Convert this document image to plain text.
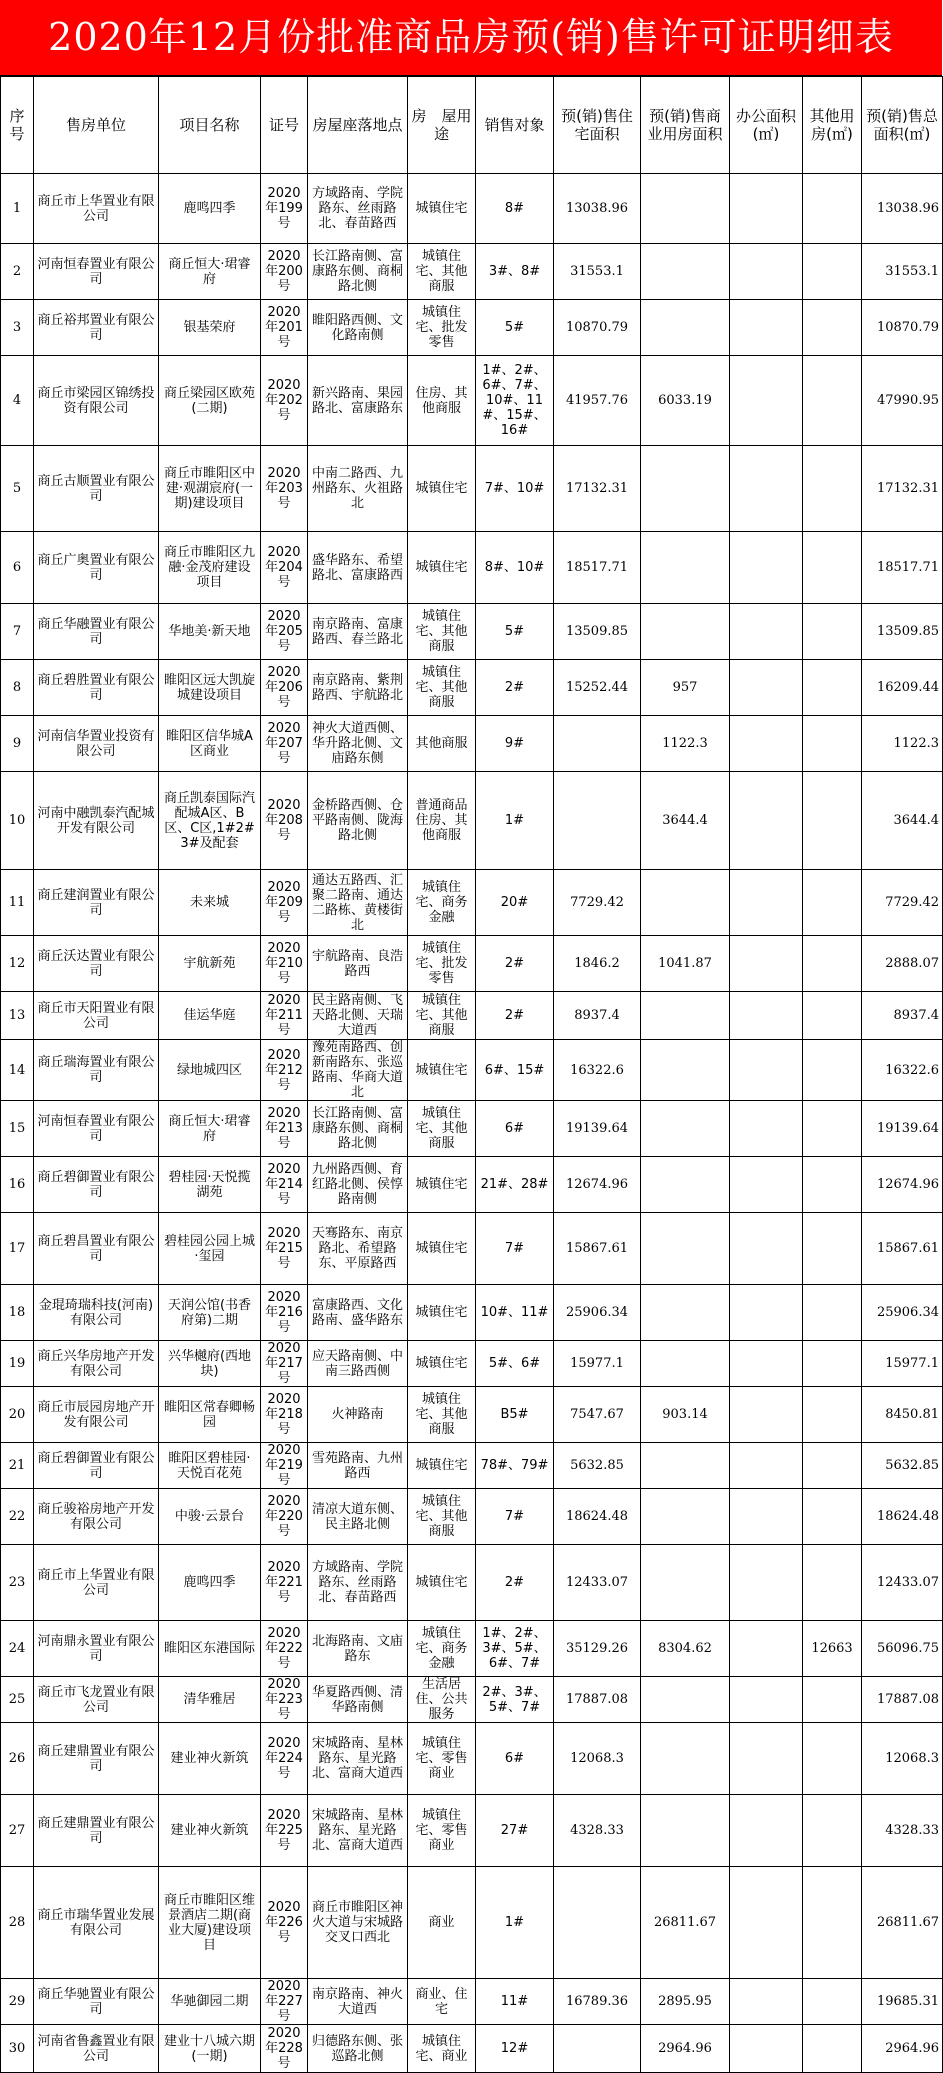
2020年12月份批准商品房预(销)售许可证明细表
序号	售房单位	项目名称	证号	房屋座落地点	房　屋用　途	销售对象	预(销)售住宅面积	预(销)售商业用房面积	办公面积(㎡)	其他用房(㎡)	预(销)售总面积(㎡)
1	商丘市上华置业有限公司	鹿鸣四季	2020年199号	方域路南、学院路东、丝雨路北、春苗路西	城镇住宅	8#	13038.96				13038.96
2	河南恒春置业有限公司	商丘恒大·珺睿府	2020年200号	长江路南侧、富康路东侧、商桐路北侧	城镇住宅、其他商服	3#、8#	31553.1				31553.1
3	商丘裕邦置业有限公司	银基荣府	2020年201号	睢阳路西侧、文化路南侧	城镇住宅、批发零售	5#	10870.79				10870.79
4	商丘市梁园区锦绣投资有限公司	商丘梁园区欧苑(二期)	2020年202号	新兴路南、果园路北、富康路东	住房、其他商服	1#、2#、6#、7#、10#、11#、15#、16#	41957.76	6033.19			47990.95
5	商丘古顺置业有限公司	商丘市睢阳区中建·观湖宸府(一期)建设项目	2020年203号	中南二路西、九州路东、火祖路北	城镇住宅	7#、10#	17132.31				17132.31
6	商丘广奥置业有限公司	商丘市睢阳区九融·金茂府建设项目	2020年204号	盛华路东、希望路北、富康路西	城镇住宅	8#、10#	18517.71				18517.71
7	商丘华融置业有限公司	华地美·新天地	2020年205号	南京路南、富康路西、春兰路北	城镇住宅、其他商服	5#	13509.85				13509.85
8	商丘碧胜置业有限公司	睢阳区远大凯旋城建设项目	2020年206号	南京路南、紫荆路西、宇航路北	城镇住宅、其他商服	2#	15252.44	957			16209.44
9	河南信华置业投资有限公司	睢阳区信华城A区商业	2020年207号	神火大道西侧、华升路北侧、文庙路东侧	其他商服	9#		1122.3			1122.3
10	河南中融凯泰汽配城开发有限公司	商丘凯泰国际汽配城A区、B区、C区,1#2#3#及配套	2020年208号	金桥路西侧、仓平路南侧、陇海路北侧	普通商品住房、其他商服	1#		3644.4			3644.4
11	商丘建润置业有限公司	未来城	2020年209号	通达五路西、汇聚二路南、通达二路栋、黄楼街北	城镇住宅、商务金融	20#	7729.42				7729.42
12	商丘沃达置业有限公司	宇航新苑	2020年210号	宇航路南、良浩路西	城镇住宅、批发零售	2#	1846.2	1041.87			2888.07
13	商丘市天阳置业有限公司	佳运华庭	2020年211号	民主路南侧、飞天路北侧、天瑞大道西	城镇住宅、其他商服	2#	8937.4				8937.4
14	商丘瑞海置业有限公司	绿地城四区	2020年212号	豫苑南路西、创新南路东、张巡路南、华商大道北	城镇住宅	6#、15#	16322.6				16322.6
15	河南恒春置业有限公司	商丘恒大·珺睿府	2020年213号	长江路南侧、富康路东侧、商桐路北侧	城镇住宅、其他商服	6#	19139.64				19139.64
16	商丘碧御置业有限公司	碧桂园·天悦揽湖苑	2020年214号	九州路西侧、育红路北侧、侯惇路南侧	城镇住宅	21#、28#	12674.96				12674.96
17	商丘碧昌置业有限公司	碧桂园公园上城·玺园	2020年215号	天骞路东、南京路北、希望路东、平原路西	城镇住宅	7#	15867.61				15867.61
18	金琨琦瑞科技(河南)有限公司	天润公馆(书香府第)二期	2020年216号	富康路西、文化路南、盛华路东	城镇住宅	10#、11#	25906.34				25906.34
19	商丘兴华房地产开发有限公司	兴华樾府(西地块)	2020年217号	应天路南侧、中南三路西侧	城镇住宅	5#、6#	15977.1				15977.1
20	商丘市辰园房地产开发有限公司	睢阳区常春卿畅园	2020年218号	火神路南	城镇住宅、其他商服	B5#	7547.67	903.14			8450.81
21	商丘碧御置业有限公司	睢阳区碧桂园·天悦百花苑	2020年219号	雪苑路南、九州路西	城镇住宅	78#、79#	5632.85				5632.85
22	商丘骏裕房地产开发有限公司	中骏·云景台	2020年220号	清凉大道东侧、民主路北侧	城镇住宅、其他商服	7#	18624.48				18624.48
23	商丘市上华置业有限公司	鹿鸣四季	2020年221号	方域路南、学院路东、丝雨路北、春苗路西	城镇住宅	2#	12433.07				12433.07
24	河南鼎永置业有限公司	睢阳区东港国际	2020年222号	北海路南、文庙路东	城镇住宅、商务金融	1#、2#、3#、5#、6#、7#	35129.26	8304.62		12663	56096.75
25	商丘市飞龙置业有限公司	清华雅居	2020年223号	华夏路西侧、清华路南侧	生活居住、公共服务	2#、3#、5#、7#	17887.08				17887.08
26	商丘建鼎置业有限公司	建业神火新筑	2020年224号	宋城路南、星林路东、星光路北、富商大道西	城镇住宅、零售商业	6#	12068.3				12068.3
27	商丘建鼎置业有限公司	建业神火新筑	2020年225号	宋城路南、星林路东、星光路北、富商大道西	城镇住宅、零售商业	27#	4328.33				4328.33
28	商丘市瑞华置业发展有限公司	商丘市睢阳区维景酒店二期(商业大厦)建设项目	2020年226号	商丘市睢阳区神火大道与宋城路交叉口西北	商业	1#		26811.67			26811.67
29	商丘华驰置业有限公司	华驰御园二期	2020年227号	南京路南、神火大道西	商业、住宅	11#	16789.36	2895.95			19685.31
30	河南省鲁鑫置业有限公司	建业十八城六期(一期)	2020年228号	归德路东侧、张巡路北侧	城镇住宅、商业	12#		2964.96			2964.96
